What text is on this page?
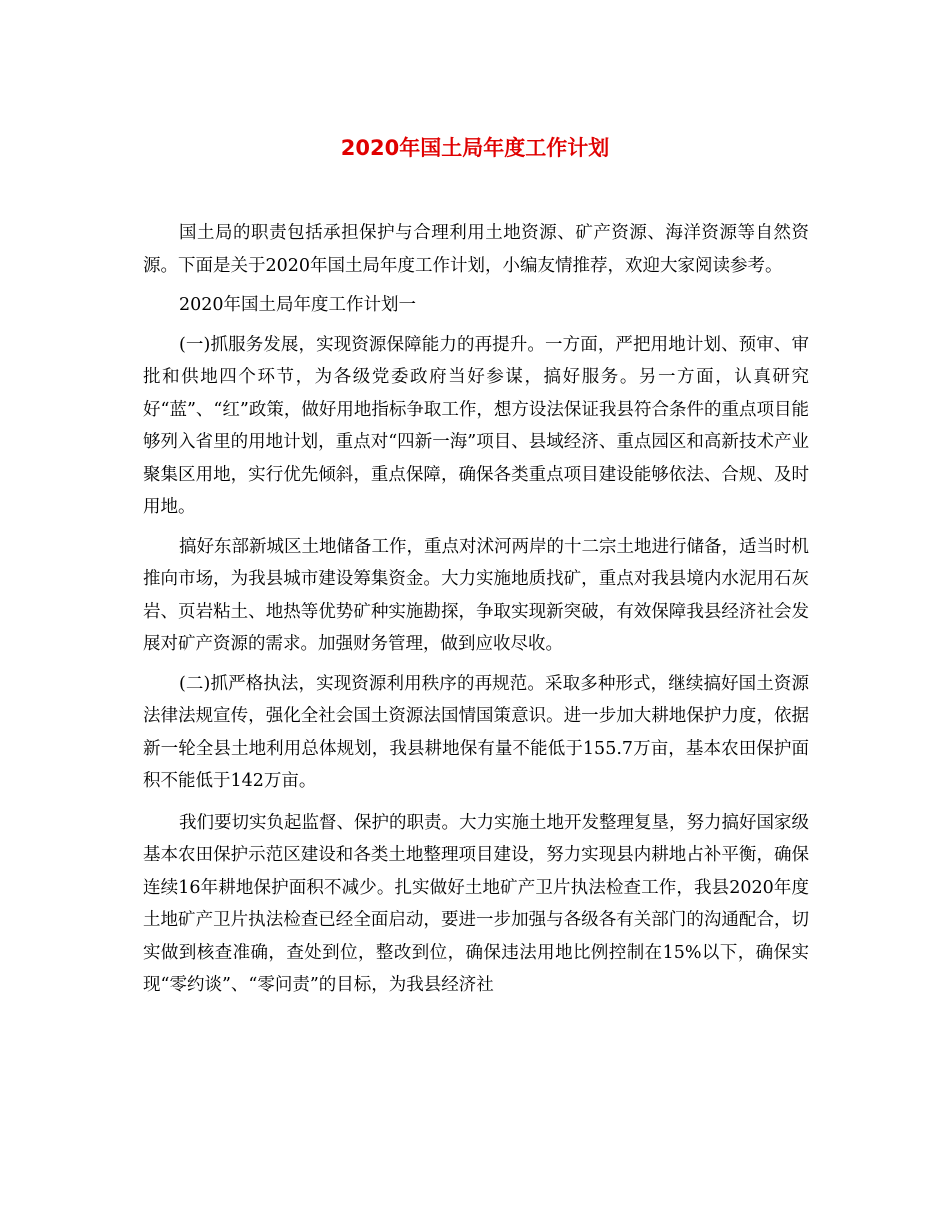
2020年国土局年度工作计划

国土局的职责包括承担保护与合理利用土地资源、矿产资源、海洋资源等自然资源。下面是关于2020年国土局年度工作计划，小编友情推荐，欢迎大家阅读参考。

2020年国土局年度工作计划一

(一)抓服务发展，实现资源保障能力的再提升。一方面，严把用地计划、预审、审批和供地四个环节，为各级党委政府当好参谋，搞好服务。另一方面，认真研究好“蓝”、“红”政策，做好用地指标争取工作，想方设法保证我县符合条件的重点项目能够列入省里的用地计划，重点对“四新一海”项目、县域经济、重点园区和高新技术产业聚集区用地，实行优先倾斜，重点保障，确保各类重点项目建设能够依法、合规、及时用地。

搞好东部新城区土地储备工作，重点对沭河两岸的十二宗土地进行储备，适当时机推向市场，为我县城市建设筹集资金。大力实施地质找矿，重点对我县境内水泥用石灰岩、页岩粘土、地热等优势矿种实施勘探，争取实现新突破，有效保障我县经济社会发展对矿产资源的需求。加强财务管理，做到应收尽收。

(二)抓严格执法，实现资源利用秩序的再规范。采取多种形式，继续搞好国土资源法律法规宣传，强化全社会国土资源法国情国策意识。进一步加大耕地保护力度，依据新一轮全县土地利用总体规划，我县耕地保有量不能低于155.7万亩，基本农田保护面积不能低于142万亩。

我们要切实负起监督、保护的职责。大力实施土地开发整理复垦，努力搞好国家级基本农田保护示范区建设和各类土地整理项目建设，努力实现县内耕地占补平衡，确保连续16年耕地保护面积不减少。扎实做好土地矿产卫片执法检查工作，我县2020年度土地矿产卫片执法检查已经全面启动，要进一步加强与各级各有关部门的沟通配合，切实做到核查准确，查处到位，整改到位，确保违法用地比例控制在15%以下，确保实现“零约谈”、“零问责”的目标，为我县经济社
